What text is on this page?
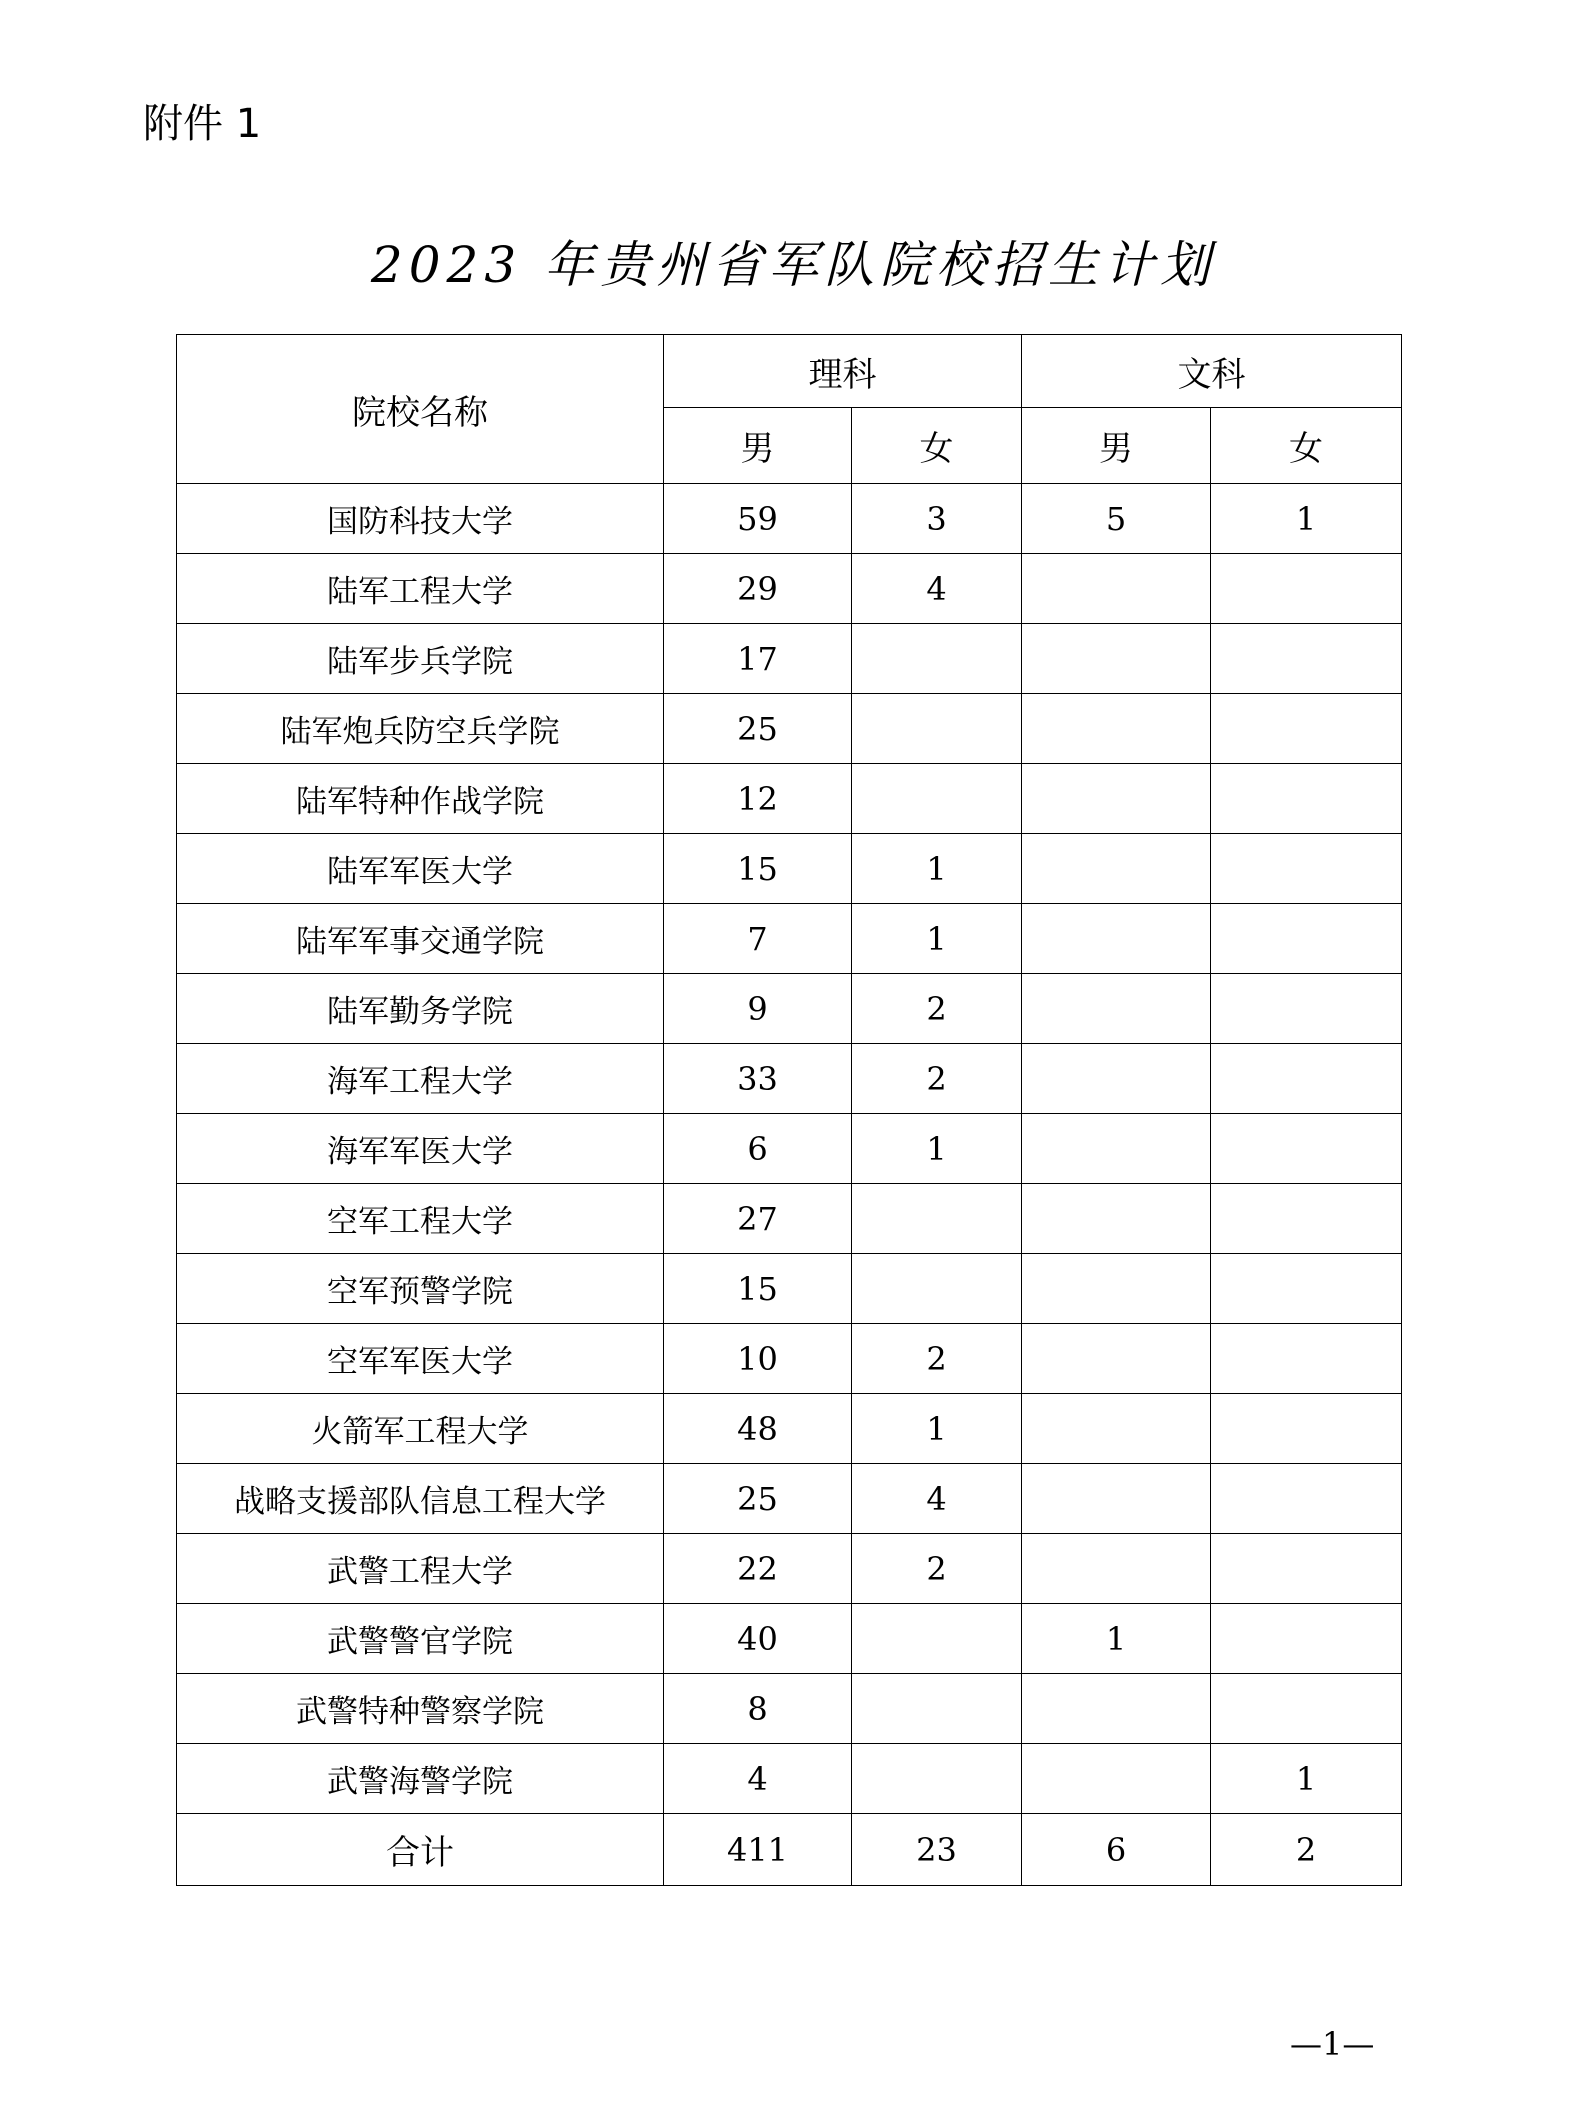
附件 1
2023 年贵州省军队院校招生计划
院校名称	理科		文科	
	男	女	男	女
国防科技大学	59	3	5	1
陆军工程大学	29	4		
陆军步兵学院	17			
陆军炮兵防空兵学院	25			
陆军特种作战学院	12			
陆军军医大学	15	1		
陆军军事交通学院	7	1		
陆军勤务学院	9	2		
海军工程大学	33	2		
海军军医大学	6	1		
空军工程大学	27			
空军预警学院	15			
空军军医大学	10	2		
火箭军工程大学	48	1		
战略支援部队信息工程大学	25	4		
武警工程大学	22	2		
武警警官学院	40		1	
武警特种警察学院	8			
武警海警学院	4			1
合计	411	23	6	2
—1—
